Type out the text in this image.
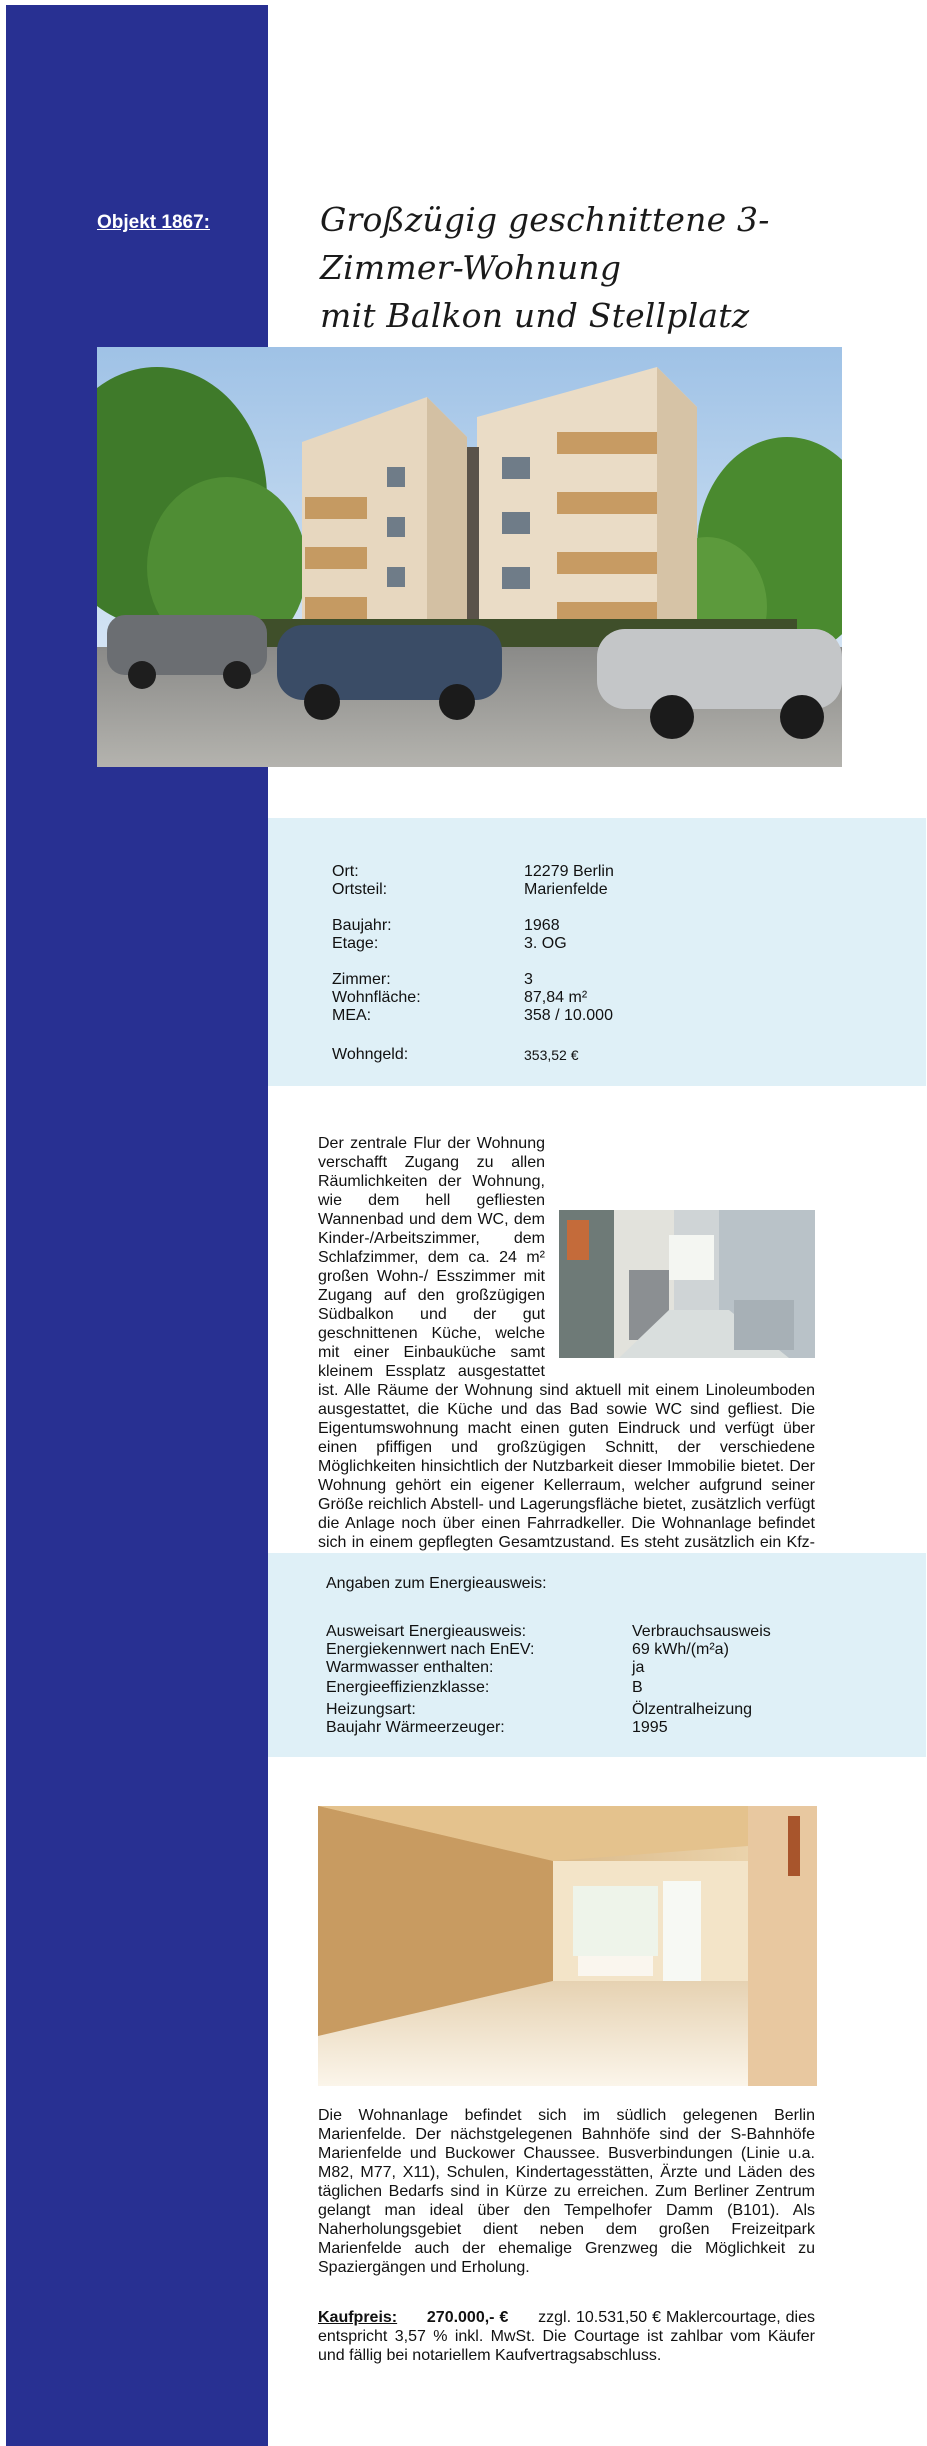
Objekt 1867:	Großzügig geschnittene 3-Zimmer-Wohnung
mit Balkon und Stellplatz
Ort:	12279 Berlin
Ortsteil:	Marienfelde
Baujahr:	1968
Etage:	3. OG
Zimmer:	3
Wohnfläche:	87,84 m²
MEA:	358 / 10.000
Wohngeld:	353,52 €
Der zentrale Flur der Wohnung verschafft Zugang zu allen Räumlichkeiten der Wohnung, wie dem hell gefliesten Wannenbad und dem WC, dem Kinder-/Arbeitszimmer, dem Schlafzimmer, dem ca. 24 m² großen Wohn-/ Esszimmer mit Zugang auf den großzügigen Südbalkon und der gut geschnittenen Küche, welche mit einer Einbauküche samt kleinem Essplatz ausgestattet ist. Alle Räume der Wohnung sind aktuell mit einem Linoleumboden ausgestattet, die Küche und das Bad sowie WC sind gefliest. Die Eigentumswohnung macht einen guten Eindruck und verfügt über einen pfiffigen und großzügigen Schnitt, der verschiedene Möglichkeiten hinsichtlich der Nutzbarkeit dieser Immobilie bietet. Der Wohnung gehört ein eigener Kellerraum, welcher aufgrund seiner Größe reichlich Abstell- und Lagerungsfläche bietet, zusätzlich verfügt die Anlage noch über einen Fahrradkeller. Die Wohnanlage befindet sich in einem gepflegten Gesamtzustand. Es steht zusätzlich ein Kfz-
Angaben zum Energieausweis:
Ausweisart Energieausweis:	Verbrauchsausweis
Energiekennwert nach EnEV:	69 kWh/(m²a)
Warmwasser enthalten:	ja
Energieeffizienzklasse:	B
Heizungsart:	Ölzentralheizung
Baujahr Wärmeerzeuger:	1995
Die Wohnanlage befindet sich im südlich gelegenen Berlin Marienfelde. Der nächstgelegenen Bahnhöfe sind der S-Bahnhöfe Marienfelde und Buckower Chaussee. Busverbindungen (Linie u.a. M82, M77, X11), Schulen, Kindertagesstätten, Ärzte und Läden des täglichen Bedarfs sind in Kürze zu erreichen. Zum Berliner Zentrum gelangt man ideal über den Tempelhofer Damm (B101). Als Naherholungsgebiet dient neben dem großen Freizeitpark Marienfelde auch der ehemalige Grenzweg die Möglichkeit zu Spaziergängen und Erholung.
Kaufpreis: 270.000,- € zzgl. 10.531,50 € Maklercourtage, dies entspricht 3,57 % inkl. MwSt. Die Courtage ist zahlbar vom Käufer und fällig bei notariellem Kaufvertragsabschluss.
